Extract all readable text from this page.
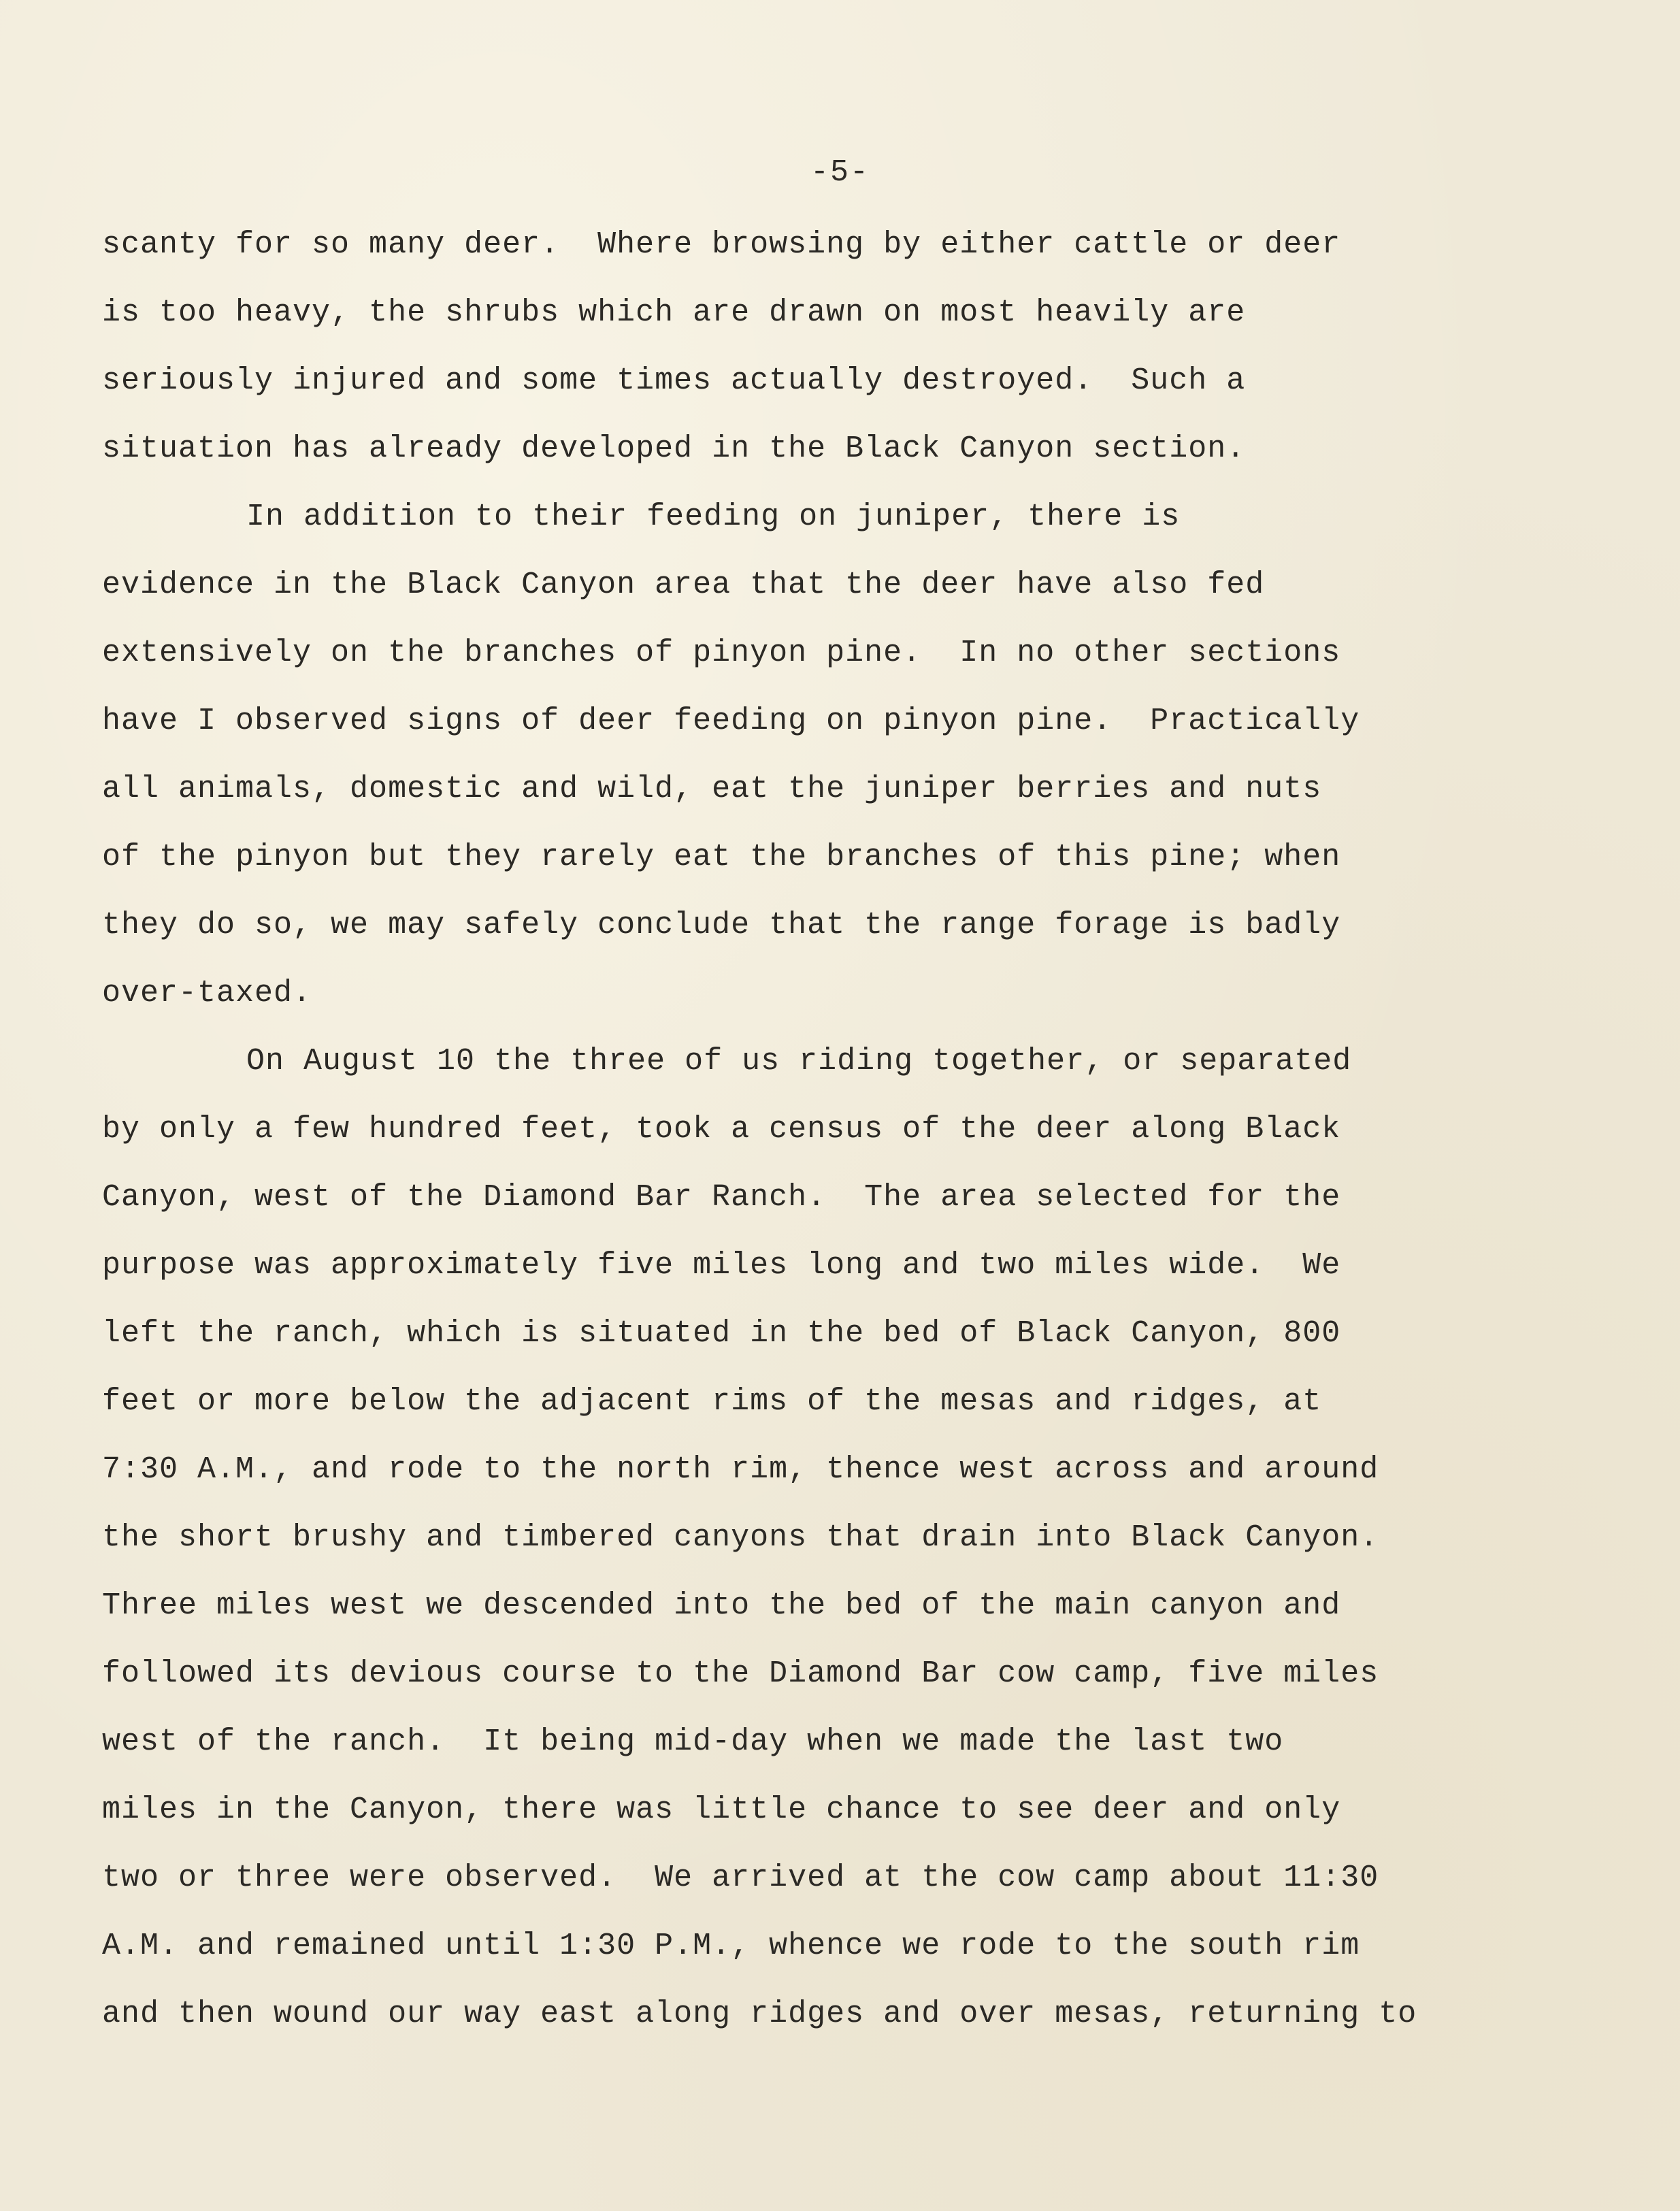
-5-
scanty for so many deer.  Where browsing by either cattle or deer
is too heavy, the shrubs which are drawn on most heavily are
seriously injured and some times actually destroyed.  Such a
situation has already developed in the Black Canyon section.
In addition to their feeding on juniper, there is
evidence in the Black Canyon area that the deer have also fed
extensively on the branches of pinyon pine.  In no other sections
have I observed signs of deer feeding on pinyon pine.  Practically
all animals, domestic and wild, eat the juniper berries and nuts
of the pinyon but they rarely eat the branches of this pine; when
they do so, we may safely conclude that the range forage is badly
over-taxed.
On August 10 the three of us riding together, or separated
by only a few hundred feet, took a census of the deer along Black
Canyon, west of the Diamond Bar Ranch.  The area selected for the
purpose was approximately five miles long and two miles wide.  We
left the ranch, which is situated in the bed of Black Canyon, 800
feet or more below the adjacent rims of the mesas and ridges, at
7:30 A.M., and rode to the north rim, thence west across and around
the short brushy and timbered canyons that drain into Black Canyon.
Three miles west we descended into the bed of the main canyon and
followed its devious course to the Diamond Bar cow camp, five miles
west of the ranch.  It being mid-day when we made the last two
miles in the Canyon, there was little chance to see deer and only
two or three were observed.  We arrived at the cow camp about 11:30
A.M. and remained until 1:30 P.M., whence we rode to the south rim
and then wound our way east along ridges and over mesas, returning to
